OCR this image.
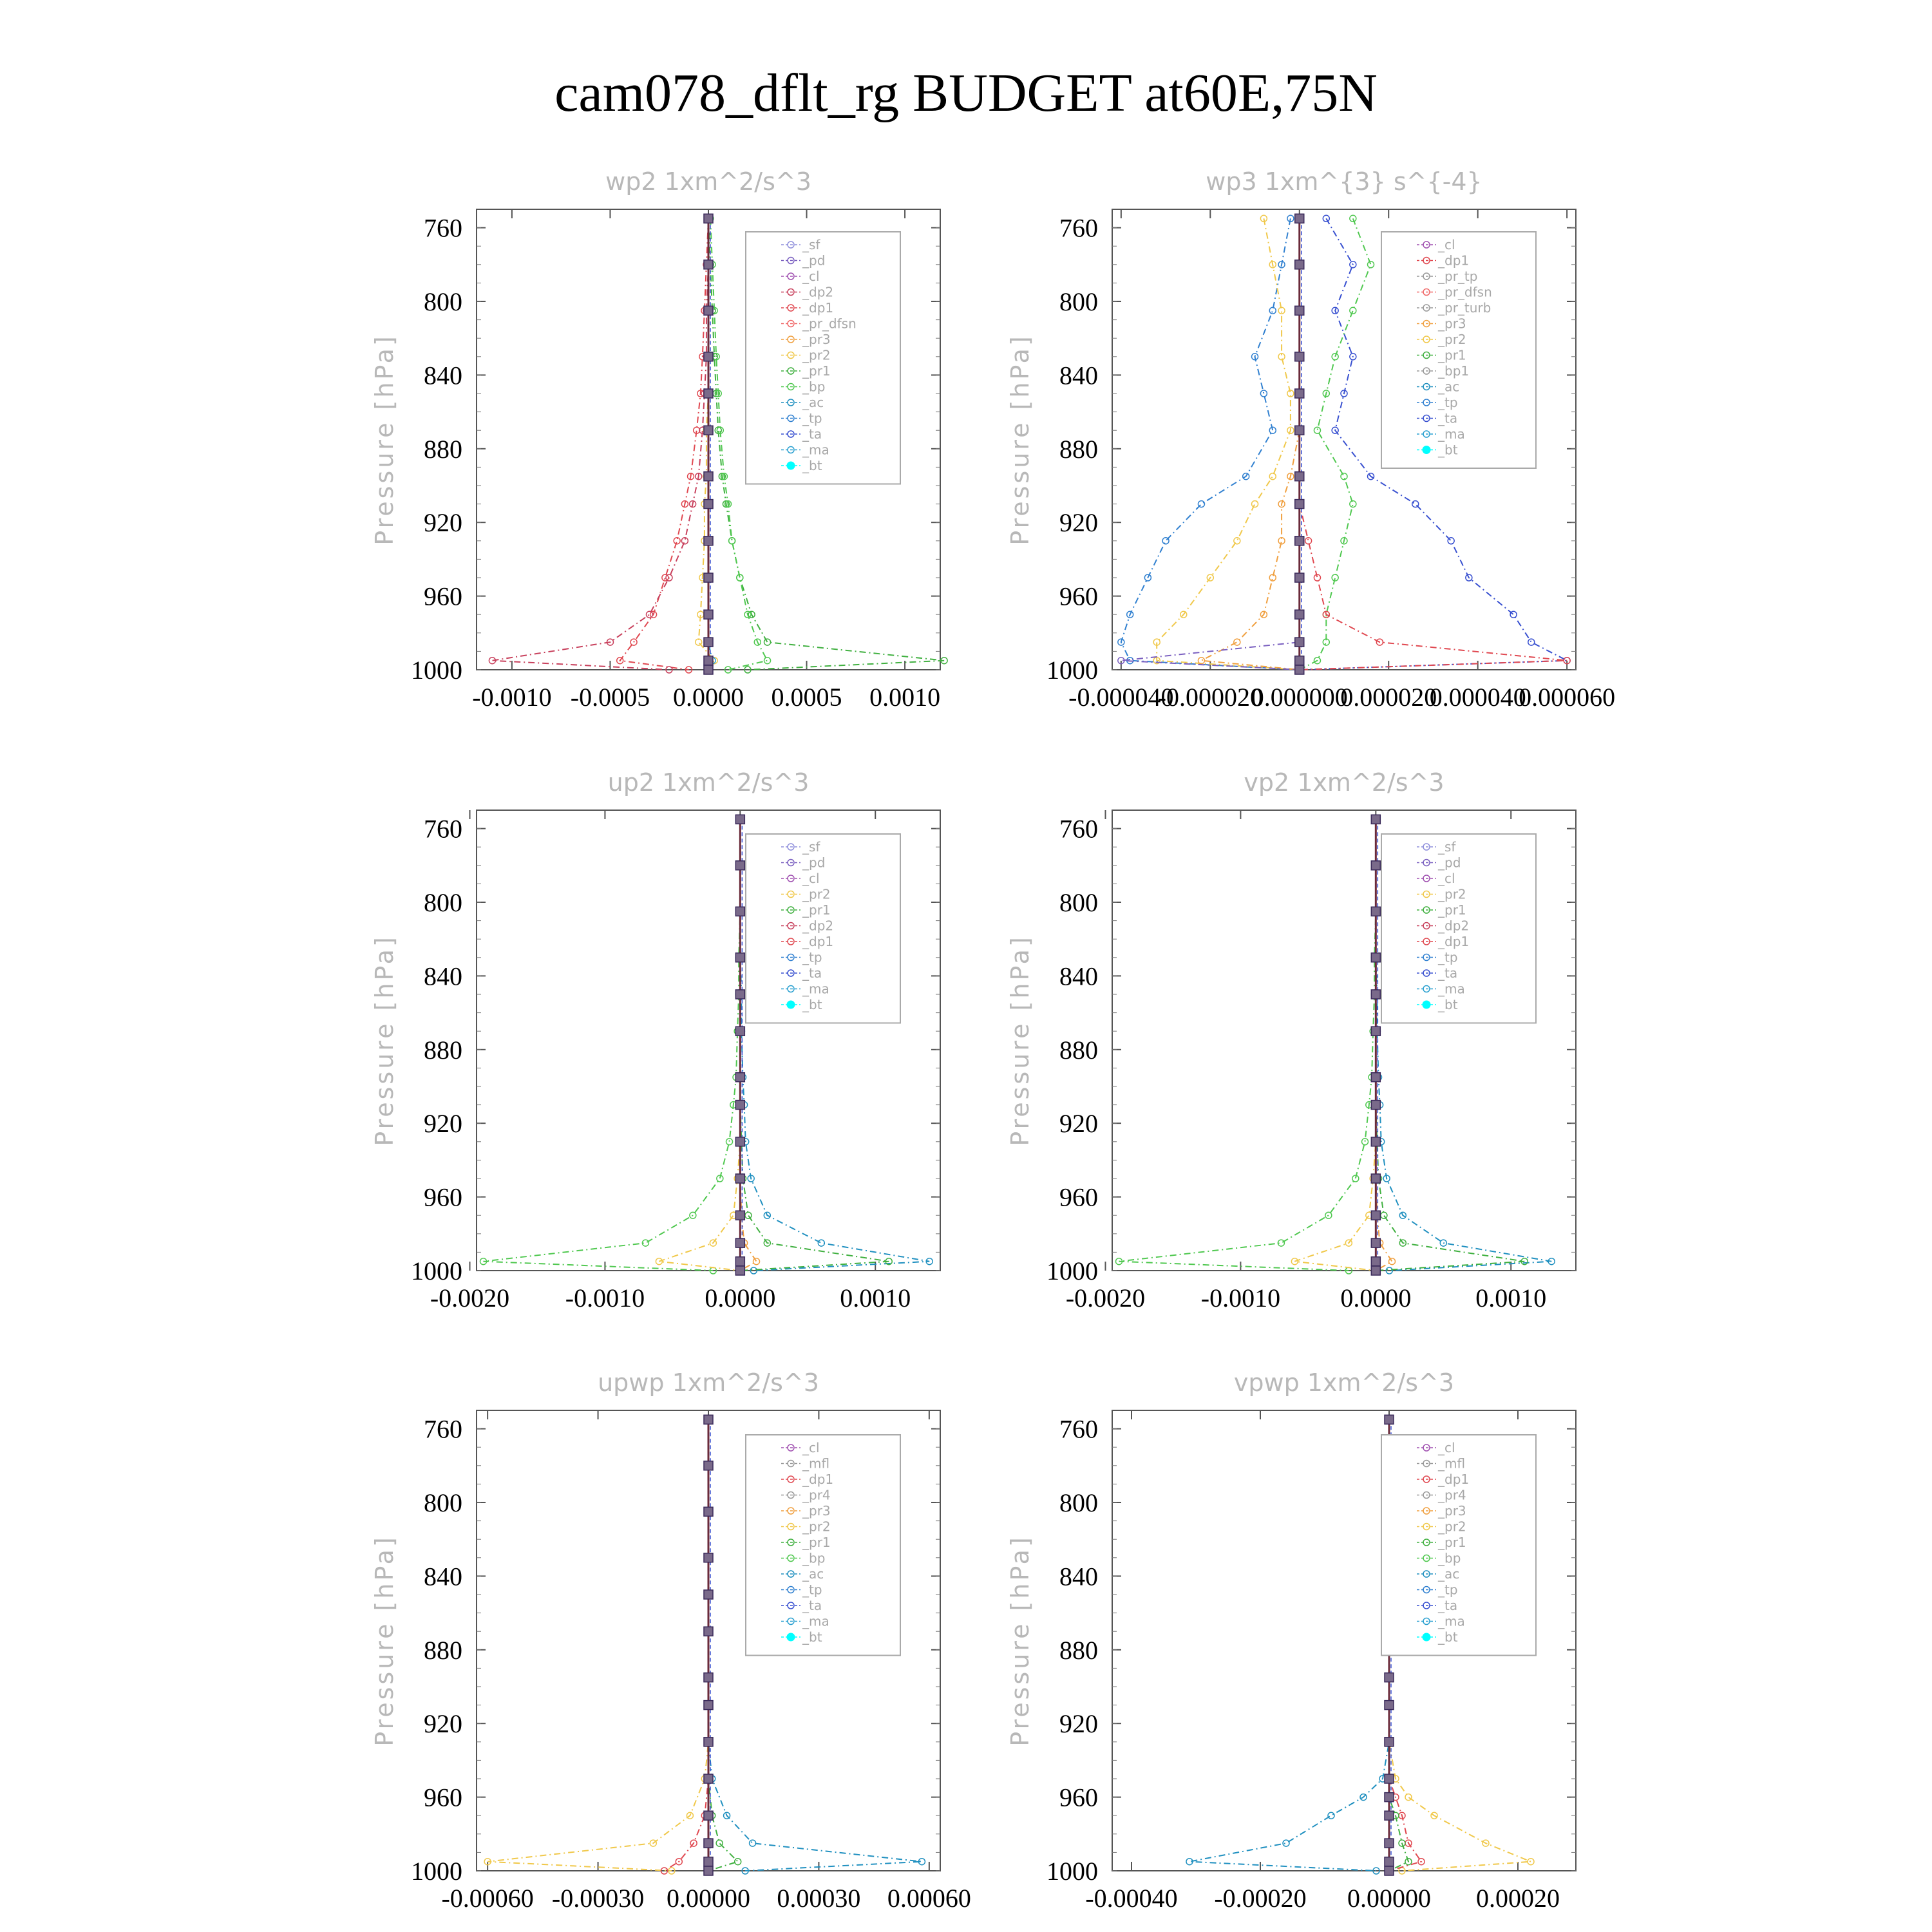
cam078_dflt_rg BUDGET at60E,75N
wp2 1xm^2/s^3
Pressure [hPa]
760
800
840
880
920
960
1000
-0.0010 -0.0005 0.0000 0.0005 0.0010
_sf
_pd
_cl
_dp2
_dp1
_pr_dfsn
_pr3
_pr2
_pr1
_bp
_ac
_tp
_ta
_ma
_bt
wp3 1xm^{3} s^{-4}
Pressure [hPa]
760
800
840
880
920
960
1000
-0.000040
-0.000020
0.000000
0.000020
0.000040
0.000060
_cl
_dp1
_pr_tp
_pr_dfsn
_pr_turb
_pr3
_pr2
_pr1
_bp1
_ac
_tp
_ta
_ma
_bt
up2 1xm^2/s^3
Pressure [hPa]
760
800
840
880
920
960
1000
-0.0020 -0.0010 0.0000 0.0010
_sf
_pd
_cl
_pr2
_pr1
_dp2
_dp1
_tp
_ta
_ma
_bt
vp2 1xm^2/s^3
Pressure [hPa]
760
800
840
880
920
960
1000
-0.0020 -0.0010 0.0000 0.0010
_sf
_pd
_cl
_pr2
_pr1
_dp2
_dp1
_tp
_ta
_ma
_bt
upwp 1xm^2/s^3
Pressure [hPa]
760
800
840
880
920
960
1000
-0.00060 -0.00030 0.00000 0.00030 0.00060
_cl
_mfl
_dp1
_pr4
_pr3
_pr2
_pr1
_bp
_ac
_tp
_ta
_ma
_bt
vpwp 1xm^2/s^3
Pressure [hPa]
760
800
840
880
920
960
1000
-0.00040 -0.00020 0.00000 0.00020
_cl
_mfl
_dp1
_pr4
_pr3
_pr2
_pr1
_bp
_ac
_tp
_ta
_ma
_bt
